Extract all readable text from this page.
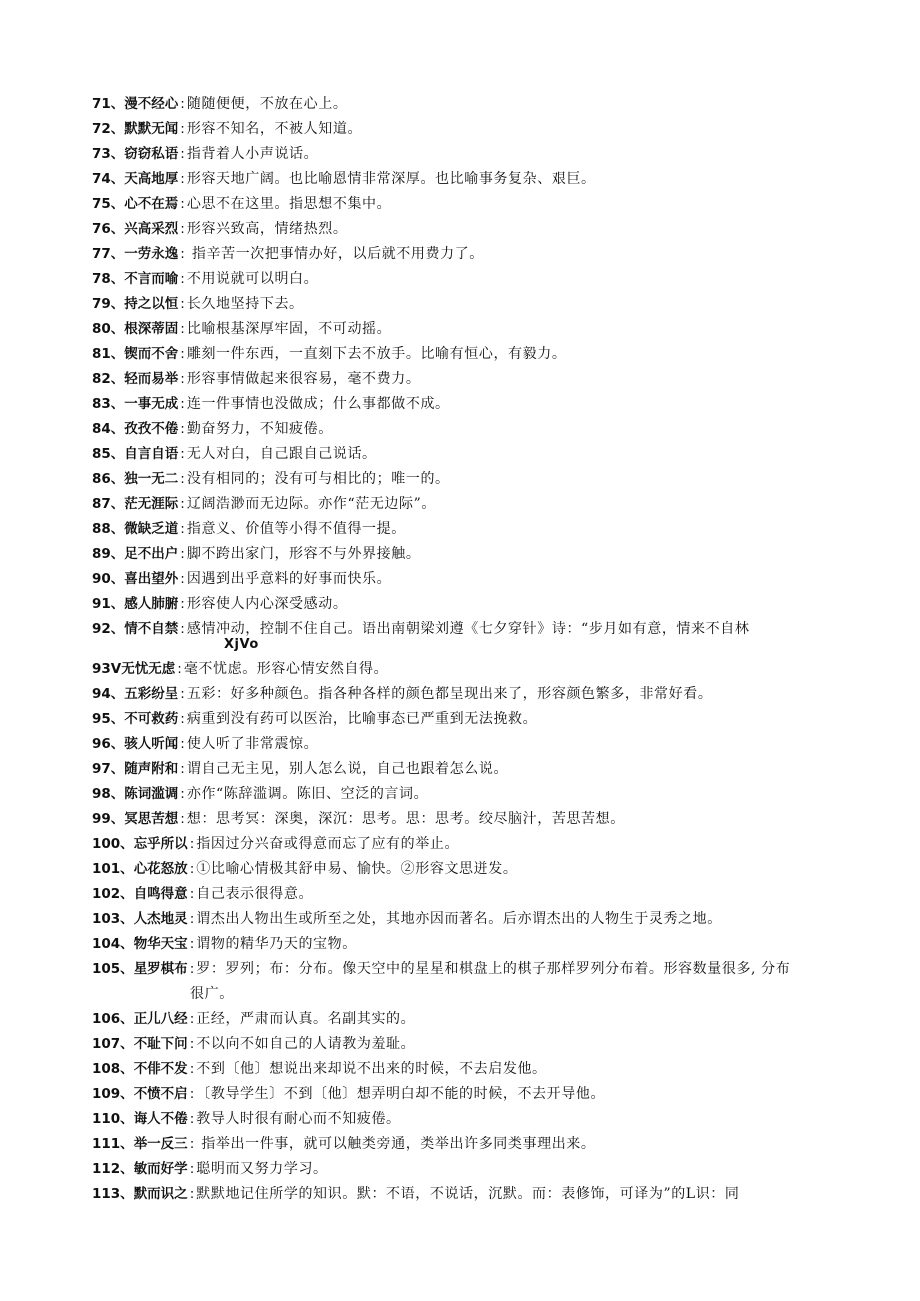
71、漫不经心 : 随随便便，不放在心上。
72、默默无闻 : 形容不知名，不被人知道。
73、窃窃私语 : 指背着人小声说话。
74、天高地厚 : 形容天地广阔。也比喻恩情非常深厚。也比喻事务复杂、艰巨。
75、心不在焉 : 心思不在这里。指思想不集中。
76、兴高采烈 : 形容兴致高，情绪热烈。
77、一劳永逸 : 指辛苦一次把事情办好，以后就不用费力了。
78、不言而喻 : 不用说就可以明白。
79、持之以恒 : 长久地坚持下去。
80、根深蒂固 : 比喻根基深厚牢固，不可动摇。
81、锲而不舍 : 雕刻一件东西，一直刻下去不放手。比喻有恒心，有毅力。
82、轻而易举 : 形容事情做起来很容易，毫不费力。
83、一事无成 : 连一件事情也没做成；什么事都做不成。
84、孜孜不倦 : 勤奋努力，不知疲倦。
85、自言自语 : 无人对白，自己跟自己说话。
86、独一无二 : 没有相同的；没有可与相比的；唯一的。
87、茫无涯际 : 辽阔浩渺而无边际。亦作“茫无边际”。
88、微缺乏道 : 指意义、价值等小得不值得一提。
89、足不出户 : 脚不跨出家门，形容不与外界接触。
90、喜出望外 : 因遇到出乎意料的好事而快乐。
91、感人肺腑 : 形容使人内心深受感动。
92、情不自禁 : 感情冲动，控制不住自己。语出南朝梁刘遵《七夕穿针》诗：“步月如有意，情来不自林
XjVo
93V无忧无虑 : 毫不忧虑。形容心情安然自得。
94、五彩纷呈 : 五彩：好多种颜色。指各种各样的颜色都呈现出来了，形容颜色繁多，非常好看。
95、不可救药 : 病重到没有药可以医治，比喻事态已严重到无法挽救。
96、骇人听闻 : 使人听了非常震惊。
97、随声附和 : 谓自己无主见，别人怎么说，自己也跟着怎么说。
98、陈词滥调 : 亦作“陈辞滥调。陈旧、空泛的言词。
99、冥思苦想 : 想：思考冥：深奥，深沉：思考。思：思考。绞尽脑汁，苦思苦想。
100、忘乎所以 : 指因过分兴奋或得意而忘了应有的举止。
101、心花怒放 : ①比喻心情极其舒申易、愉快。②形容文思迸发。
102、自鸣得意 : 自己表示很得意。
103、人杰地灵 : 谓杰出人物出生或所至之处，其地亦因而著名。后亦谓杰出的人物生于灵秀之地。
104、物华天宝 : 谓物的精华乃天的宝物。
105、星罗棋布 : 罗：罗列；布：分布。像天空中的星星和棋盘上的棋子那样罗列分布着。形容数量很多, 分布
很广。
106、正儿八经 : 正经，严肃而认真。名副其实的。
107、不耻下问 : 不以向不如自己的人请教为羞耻。
108、不俳不发 : 不到〔他〕想说出来却说不出来的时候，不去启发他。
109、不愤不启 : 〔教导学生〕不到〔他〕想弄明白却不能的时候，不去开导他。
110、诲人不倦 : 教导人时很有耐心而不知疲倦。
111、举一反三 : 指举出一件事，就可以触类旁通，类举出许多同类事理出来。
112、敏而好学 : 聪明而又努力学习。
113、默而识之 : 默默地记住所学的知识。默：不语，不说话，沉默。而：表修饰，可译为”的L识：同
